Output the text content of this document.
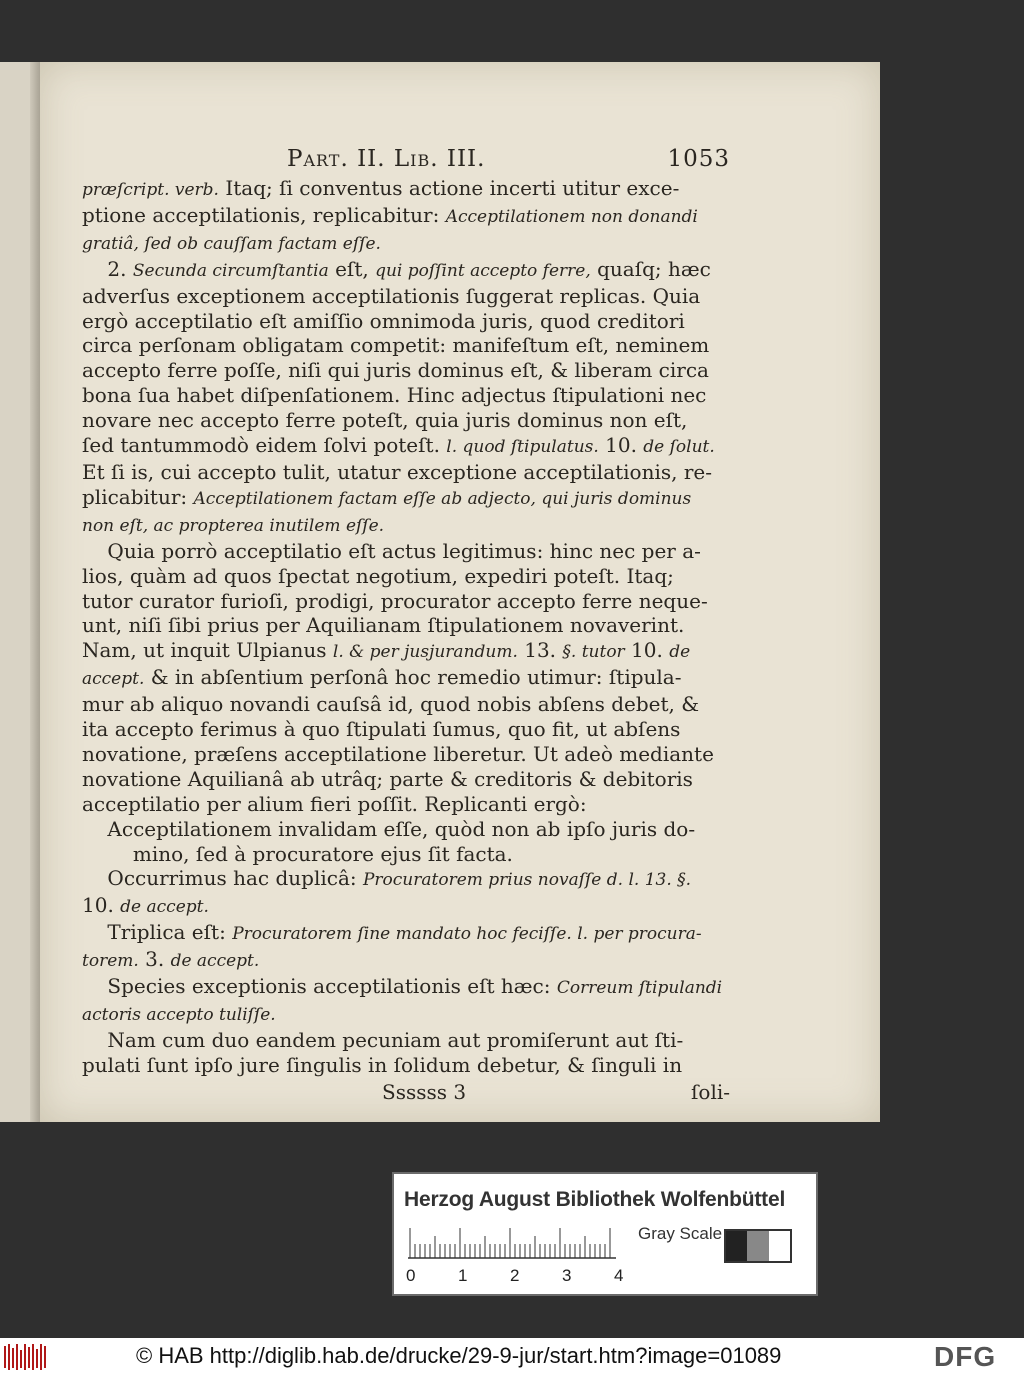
Part. II. Lib. III.	1053
præſcript. verb. Itaq; ſi conventus actione incerti utitur exce-
ptione acceptilationis, replicabitur: Acceptilationem non donandi
gratiâ, ſed ob cauſſam factam eſſe.
2. Secunda circumſtantia eſt, qui poſſint accepto ferre, quaſq; hæc
adverſus exceptionem acceptilationis ſuggerat replicas. Quia
ergò acceptilatio eſt amiſſio omnimoda juris, quod creditori
circa perſonam obligatam competit: manifeſtum eſt, neminem
accepto ferre poſſe, niſi qui juris dominus eſt, & liberam circa
bona ſua habet diſpenſationem. Hinc adjectus ſtipulationi nec
novare nec accepto ferre poteſt, quia juris dominus non eſt,
ſed tantummodò eidem ſolvi poteſt. l. quod ſtipulatus. 10. de ſolut.
Et ſi is, cui accepto tulit, utatur exceptione acceptilationis, re-
plicabitur: Acceptilationem factam eſſe ab adjecto, qui juris dominus
non eſt, ac propterea inutilem eſſe.
Quia porrò acceptilatio eſt actus legitimus: hinc nec per a-
lios, quàm ad quos ſpectat negotium, expediri poteſt. Itaq;
tutor curator furioſi, prodigi, procurator accepto ferre neque-
unt, niſi ſibi prius per Aquilianam ſtipulationem novaverint.
Nam, ut inquit Ulpianus l. & per jusjurandum. 13. §. tutor 10. de
accept. & in abſentium perſonâ hoc remedio utimur: ſtipula-
mur ab aliquo novandi cauſsâ id, quod nobis abſens debet, &
ita accepto ferimus à quo ſtipulati ſumus, quo fit, ut abſens
novatione, præſens acceptilatione liberetur. Ut adeò mediante
novatione Aquilianâ ab utrâq; parte & creditoris & debitoris
acceptilatio per alium fieri poſſit. Replicanti ergò:
Acceptilationem invalidam eſſe, quòd non ab ipſo juris do-
mino, ſed à procuratore ejus ſit facta.
Occurrimus hac duplicâ: Procuratorem prius novaſſe d. l. 13. §.
10. de accept.
Triplica eſt: Procuratorem ſine mandato hoc feciſſe. l. per procura-
torem. 3. de accept.
Species exceptionis acceptilationis eſt hæc: Correum ſtipulandi
actoris accepto tuliſſe.
Nam cum duo eandem pecuniam aut promiſerunt aut ſti-
pulati ſunt ipſo jure ſingulis in ſolidum debetur, & ſinguli in
Ssssss 3	ſoli-
Herzog August Bibliothek Wolfenbüttel
0	1	2	3	4
Gray Scale
© HAB http://diglib.hab.de/drucke/29-9-jur/start.htm?image=01089	DFG
